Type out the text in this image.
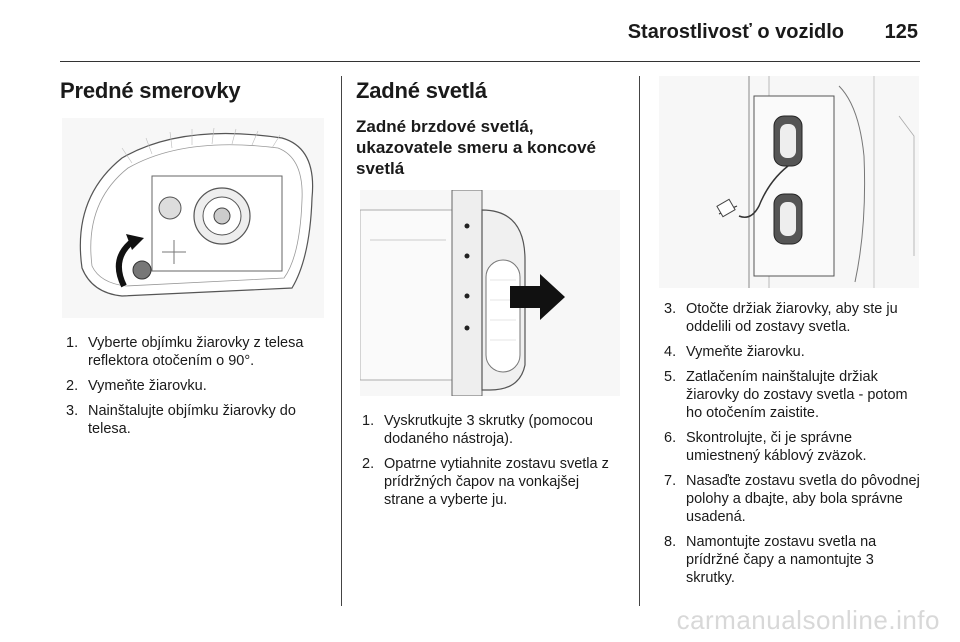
Starostlivosť o vozidlo 125
Predné smerovky
1. Vyberte objímku žiarovky z telesa reflektora otočením o 90°.
2. Vymeňte žiarovku.
3. Nainštalujte objímku žiarovky do telesa.
Zadné svetlá
Zadné brzdové svetlá, ukazovatele smeru a koncové svetlá
1. Vyskrutkujte 3 skrutky (pomocou dodaného nástroja).
2. Opatrne vytiahnite zostavu svetla z prídržných čapov na vonkajšej strane a vyberte ju.
3. Otočte držiak žiarovky, aby ste ju oddelili od zostavy svetla.
4. Vymeňte žiarovku.
5. Zatlačením nainštalujte držiak žiarovky do zostavy svetla - potom ho otočením zaistite.
6. Skontrolujte, či je správne umiestnený káblový zväzok.
7. Nasaďte zostavu svetla do pôvodnej polohy a dbajte, aby bola správne usadená.
8. Namontujte zostavu svetla na prídržné čapy a namontujte 3 skrutky.
carmanualsonline.info
